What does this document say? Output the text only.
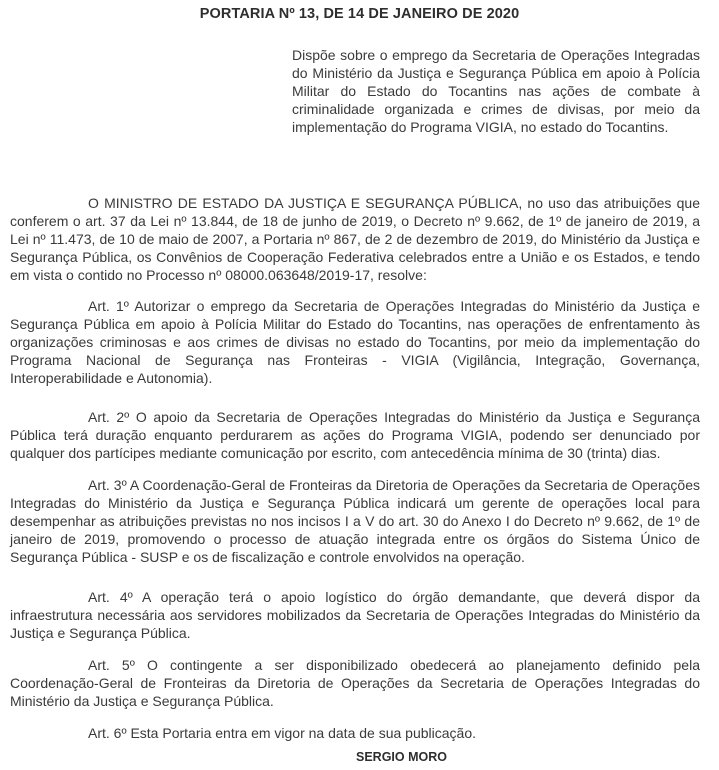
PORTARIA Nº 13, DE 14 DE JANEIRO DE 2020
Dispõe sobre o emprego da Secretaria de Operações Integradas do Ministério da Justiça e Segurança Pública em apoio à Polícia Militar do Estado do Tocantins nas ações de combate à criminalidade organizada e crimes de divisas, por meio da implementação do Programa VIGIA, no estado do Tocantins.
O MINISTRO DE ESTADO DA JUSTIÇA E SEGURANÇA PÚBLICA, no uso das atribuições que conferem o art. 37 da Lei nº 13.844, de 18 de junho de 2019, o Decreto nº 9.662, de 1º de janeiro de 2019, a Lei nº 11.473, de 10 de maio de 2007, a Portaria nº 867, de 2 de dezembro de 2019, do Ministério da Justiça e Segurança Pública, os Convênios de Cooperação Federativa celebrados entre a União e os Estados, e tendo em vista o contido no Processo nº 08000.063648/2019-17, resolve:
Art. 1º Autorizar o emprego da Secretaria de Operações Integradas do Ministério da Justiça e Segurança Pública em apoio à Polícia Militar do Estado do Tocantins, nas operações de enfrentamento às organizações criminosas e aos crimes de divisas no estado do Tocantins, por meio da implementação do Programa Nacional de Segurança nas Fronteiras - VIGIA (Vigilância, Integração, Governança, Interoperabilidade e Autonomia).
Art. 2º O apoio da Secretaria de Operações Integradas do Ministério da Justiça e Segurança Pública terá duração enquanto perdurarem as ações do Programa VIGIA, podendo ser denunciado por qualquer dos partícipes mediante comunicação por escrito, com antecedência mínima de 30 (trinta) dias.
Art. 3º A Coordenação-Geral de Fronteiras da Diretoria de Operações da Secretaria de Operações Integradas do Ministério da Justiça e Segurança Pública indicará um gerente de operações local para desempenhar as atribuições previstas no nos incisos I a V do art. 30 do Anexo I do Decreto nº 9.662, de 1º de janeiro de 2019, promovendo o processo de atuação integrada entre os órgãos do Sistema Único de Segurança Pública - SUSP e os de fiscalização e controle envolvidos na operação.
Art. 4º A operação terá o apoio logístico do órgão demandante, que deverá dispor da infraestrutura necessária aos servidores mobilizados da Secretaria de Operações Integradas do Ministério da Justiça e Segurança Pública.
Art. 5º O contingente a ser disponibilizado obedecerá ao planejamento definido pela Coordenação-Geral de Fronteiras da Diretoria de Operações da Secretaria de Operações Integradas do Ministério da Justiça e Segurança Pública.
Art. 6º Esta Portaria entra em vigor na data de sua publicação.
SERGIO MORO
